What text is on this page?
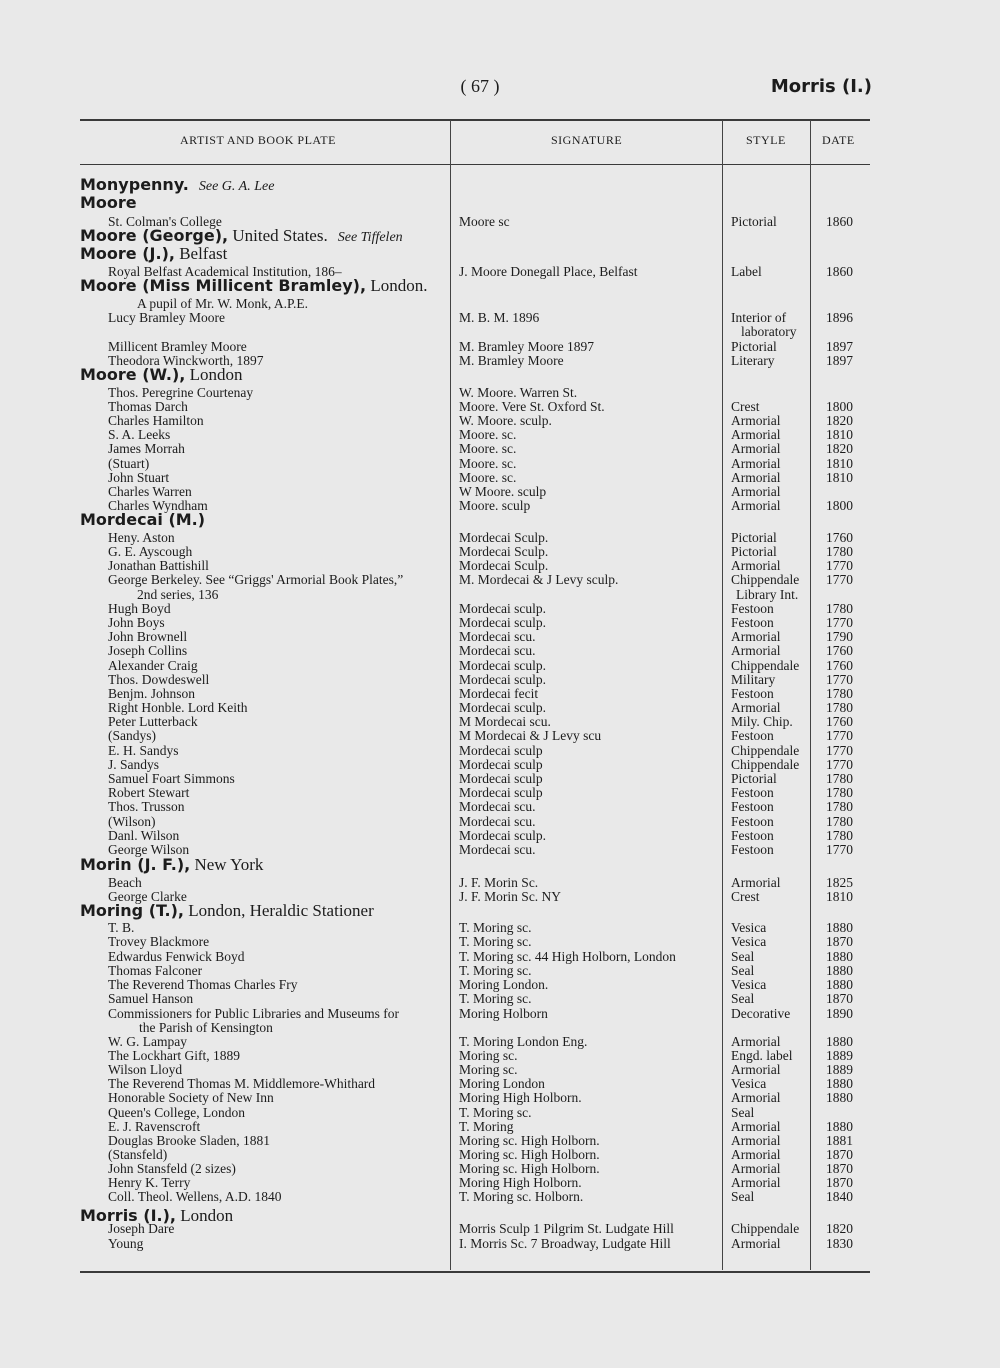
( 67 )	Morris (I.)
ARTIST AND BOOK PLATE	SIGNATURE	STYLE	DATE
Monypenny. See G. A. Lee
Moore
St. Colman's College	Moore sc	Pictorial	1860
Moore (George), United States. See Tiffelen
Moore (J.), Belfast
Royal Belfast Academical Institution, 186–	J. Moore Donegall Place, Belfast	Label	1860
Moore (Miss Millicent Bramley), London.
A pupil of Mr. W. Monk, A.P.E.
Lucy Bramley Moore	M. B. M. 1896	Interior of	1896
laboratory
Millicent Bramley Moore	M. Bramley Moore 1897	Pictorial	1897
Theodora Winckworth, 1897	M. Bramley Moore	Literary	1897
Moore (W.), London
Thos. Peregrine Courtenay	W. Moore. Warren St.
Thomas Darch	Moore. Vere St. Oxford St.	Crest	1800
Charles Hamilton	W. Moore. sculp.	Armorial	1820
S. A. Leeks	Moore. sc.	Armorial	1810
James Morrah	Moore. sc.	Armorial	1820
(Stuart)	Moore. sc.	Armorial	1810
John Stuart	Moore. sc.	Armorial	1810
Charles Warren	W Moore. sculp	Armorial
Charles Wyndham	Moore. sculp	Armorial	1800
Mordecai (M.)
Heny. Aston	Mordecai Sculp.	Pictorial	1760
G. E. Ayscough	Mordecai Sculp.	Pictorial	1780
Jonathan Battishill	Mordecai Sculp.	Armorial	1770
George Berkeley. See “Griggs' Armorial Book Plates,”	M. Mordecai & J Levy sculp.	Chippendale 1770
2nd series, 136	Library Int.
Hugh Boyd	Mordecai sculp.	Festoon	1780
John Boys	Mordecai sculp.	Festoon	1770
John Brownell	Mordecai scu.	Armorial	1790
Joseph Collins	Mordecai scu.	Armorial	1760
Alexander Craig	Mordecai sculp.	Chippendale 1760
Thos. Dowdeswell	Mordecai sculp.	Military	1770
Benjm. Johnson	Mordecai fecit	Festoon	1780
Right Honble. Lord Keith	Mordecai sculp.	Armorial	1780
Peter Lutterback	M Mordecai scu.	Mily. Chip. 1760
(Sandys)	M Mordecai & J Levy scu	Festoon	1770
E. H. Sandys	Mordecai sculp	Chippendale 1770
J. Sandys	Mordecai sculp	Chippendale 1770
Samuel Foart Simmons	Mordecai sculp	Pictorial	1780
Robert Stewart	Mordecai sculp	Festoon	1780
Thos. Trusson	Mordecai scu.	Festoon	1780
(Wilson)	Mordecai scu.	Festoon	1780
Danl. Wilson	Mordecai sculp.	Festoon	1780
George Wilson	Mordecai scu.	Festoon	1770
Morin (J. F.), New York
Beach	J. F. Morin Sc.	Armorial	1825
George Clarke	J. F. Morin Sc. NY	Crest	1810
Moring (T.), London, Heraldic Stationer
T. B.	T. Moring sc.	Vesica	1880
Trovey Blackmore	T. Moring sc.	Vesica	1870
Edwardus Fenwick Boyd	T. Moring sc. 44 High Holborn, London	Seal	1880
Thomas Falconer	T. Moring sc.	Seal	1880
The Reverend Thomas Charles Fry	Moring London.	Vesica	1880
Samuel Hanson	T. Moring sc.	Seal	1870
Commissioners for Public Libraries and Museums for	Moring Holborn	Decorative	1890
the Parish of Kensington
W. G. Lampay	T. Moring London Eng.	Armorial	1880
The Lockhart Gift, 1889	Moring sc.	Engd. label 1889
Wilson Lloyd	Moring sc.	Armorial	1889
The Reverend Thomas M. Middlemore-Whithard	Moring London	Vesica	1880
Honorable Society of New Inn	Moring High Holborn.	Armorial	1880
Queen's College, London	T. Moring sc.	Seal
E. J. Ravenscroft	T. Moring	Armorial	1880
Douglas Brooke Sladen, 1881	Moring sc. High Holborn.	Armorial	1881
(Stansfeld)	Moring sc. High Holborn.	Armorial	1870
John Stansfeld (2 sizes)	Moring sc. High Holborn.	Armorial	1870
Henry K. Terry	Moring High Holborn.	Armorial	1870
Coll. Theol. Wellens, A.D. 1840	T. Moring sc. Holborn.	Seal	1840
Morris (I.), London
Joseph Dare	Morris Sculp 1 Pilgrim St. Ludgate Hill	Chippendale 1820
Young	I. Morris Sc. 7 Broadway, Ludgate Hill	Armorial	1830
